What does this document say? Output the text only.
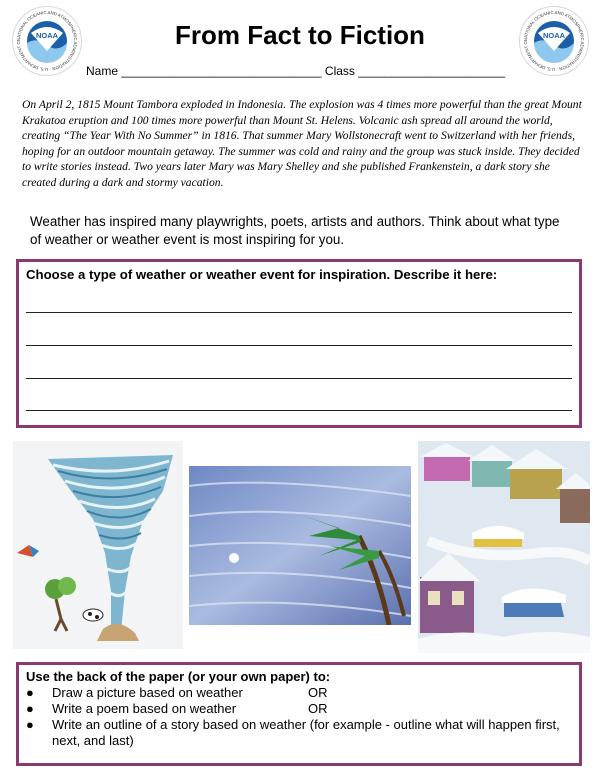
NATIONAL OCEANIC AND ATMOSPHERIC ADMINISTRATION · U.S. DEPARTMENT O
NOAA	NATIONAL OCEANIC AND ATMOSPHERIC ADMINISTRATION · U.S. DEPARTMENT O
NOAA
From Fact to Fiction
Name ______________________________ Class ______________________
On April 2, 1815 Mount Tambora exploded in Indonesia. The explosion was 4 times more powerful than the great Mount Krakatoa eruption and 100 times more powerful than Mount St. Helens. Volcanic ash spread all around the world, creating “The Year With No Summer” in 1816. That summer Mary Wollstonecraft went to Switzerland with her friends, hoping for an outdoor mountain getaway. The summer was cold and rainy and the group was stuck inside. They decided to write stories instead. Two years later Mary was Mary Shelley and she published Frankenstein, a dark story she created during a dark and stormy vacation.
Weather has inspired many playwrights, poets, artists and authors. Think about what type of weather or weather event is most inspiring for you.
Choose a type of weather or weather event for inspiration. Describe it here:
Use the back of the paper (or your own paper) to:
● Draw a picture based on weather	OR
● Write a poem based on weather	OR
●	Write an outline of a story based on weather (for example - outline what will happen first, next, and last)
